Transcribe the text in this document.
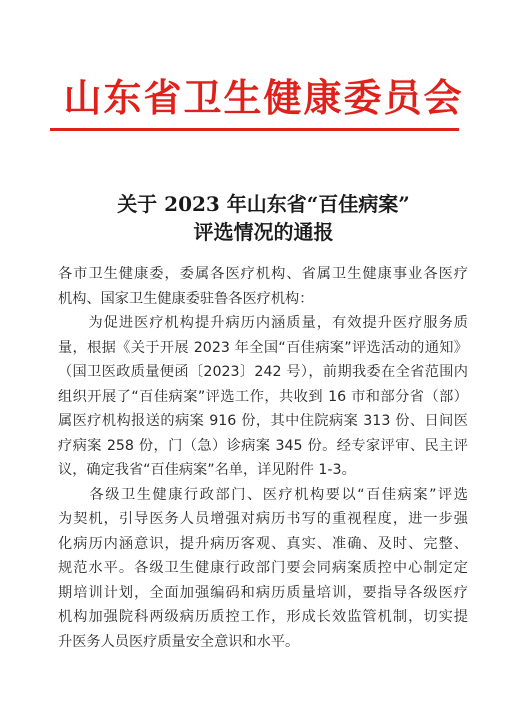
山东省卫生健康委员会
关于 2023 年山东省“百佳病案”
评选情况的通报
各市卫生健康委，委属各医疗机构、省属卫生健康事业各医疗
机构、国家卫生健康委驻鲁各医疗机构：
　　为促进医疗机构提升病历内涵质量，有效提升医疗服务质
量，根据《关于开展 2023 年全国“百佳病案”评选活动的通知》
（国卫医政质量便函〔2023〕242 号），前期我委在全省范围内
组织开展了“百佳病案”评选工作，共收到 16 市和部分省（部）
属医疗机构报送的病案 916 份，其中住院病案 313 份、日间医
疗病案 258 份，门（急）诊病案 345 份。经专家评审、民主评
议，确定我省“百佳病案”名单，详见附件 1-3。
　　各级卫生健康行政部门、医疗机构要以“百佳病案”评选
为契机，引导医务人员增强对病历书写的重视程度，进一步强
化病历内涵意识，提升病历客观、真实、准确、及时、完整、
规范水平。各级卫生健康行政部门要会同病案质控中心制定定
期培训计划，全面加强编码和病历质量培训，要指导各级医疗
机构加强院科两级病历质控工作，形成长效监管机制，切实提
升医务人员医疗质量安全意识和水平。
